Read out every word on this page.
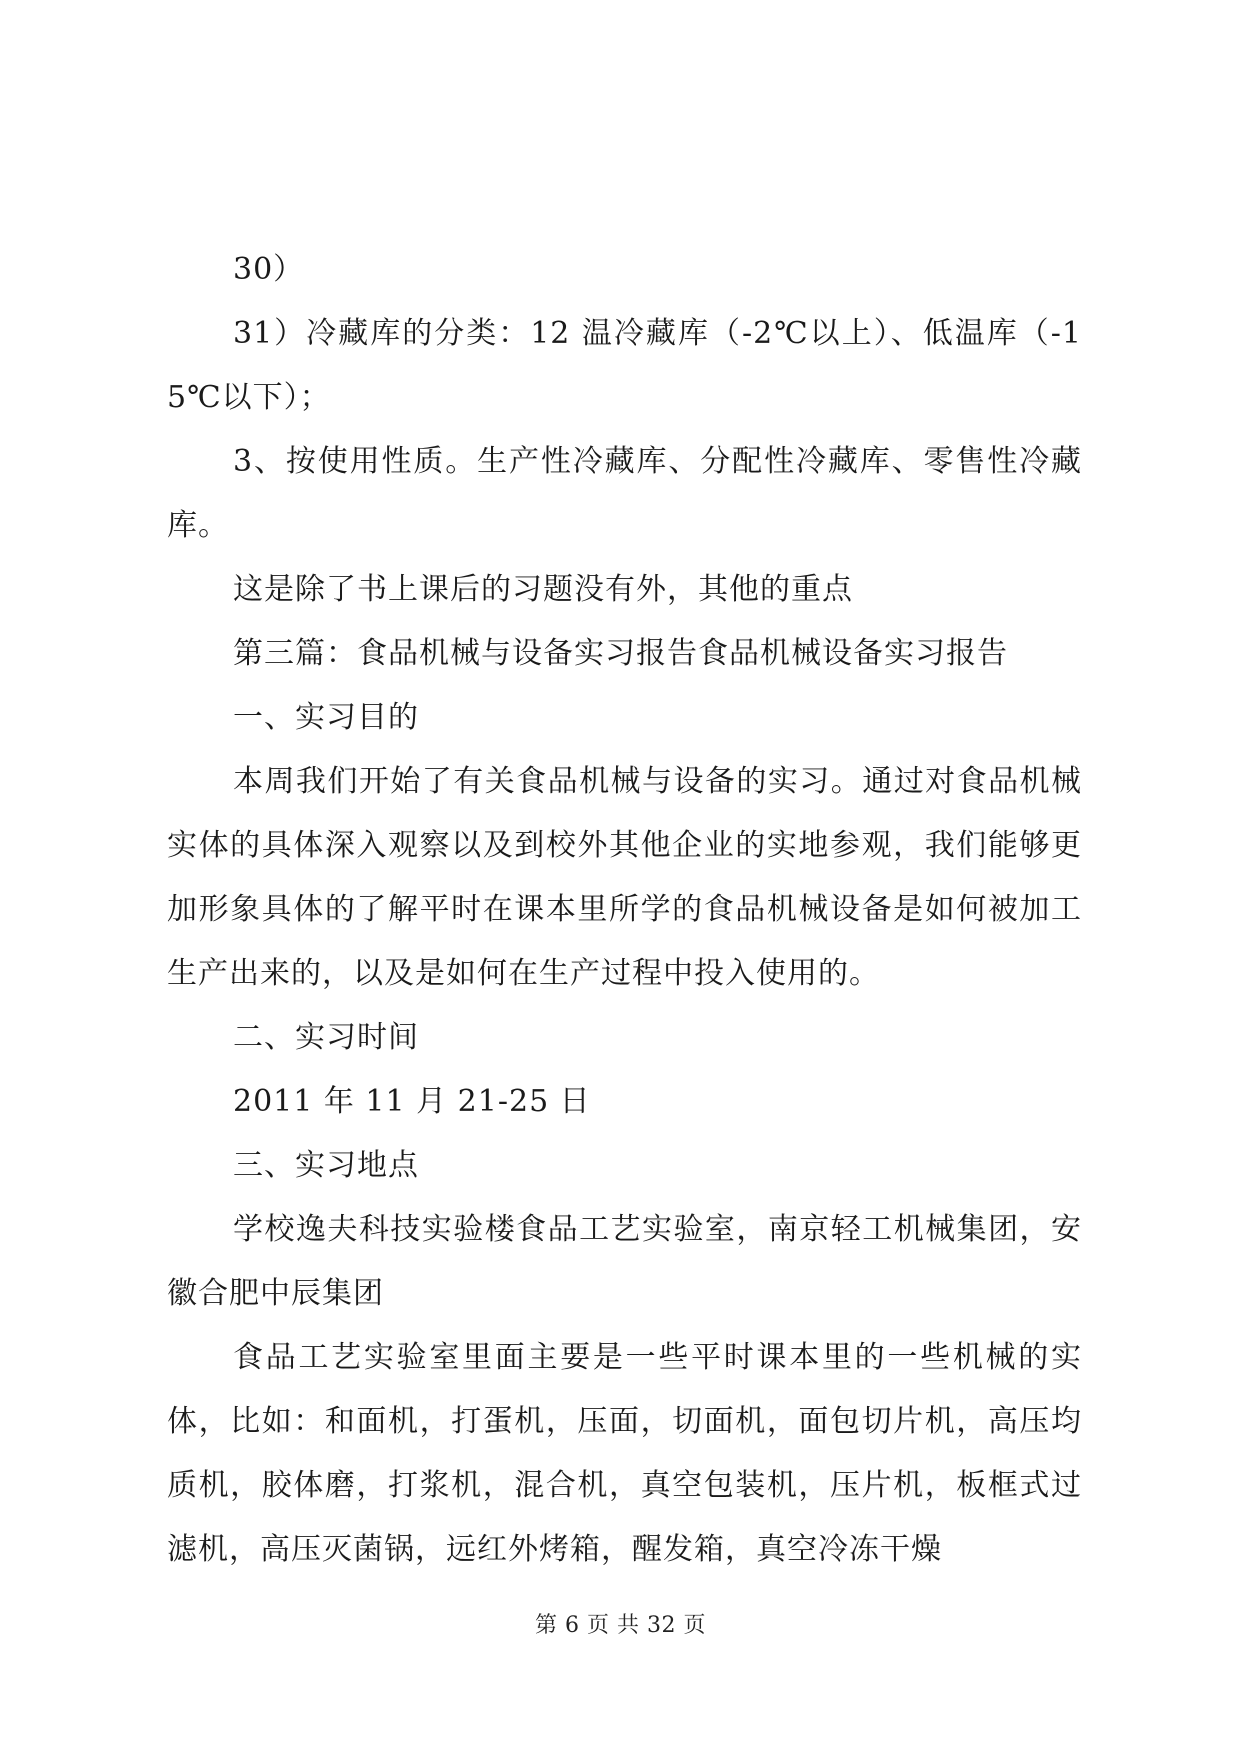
30）

31）冷藏库的分类：12 温冷藏库（-2℃以上）、低温库（-15℃以下）；

3、按使用性质。生产性冷藏库、分配性冷藏库、零售性冷藏库。

这是除了书上课后的习题没有外，其他的重点

第三篇：食品机械与设备实习报告食品机械设备实习报告

一、实习目的

本周我们开始了有关食品机械与设备的实习。通过对食品机械实体的具体深入观察以及到校外其他企业的实地参观，我们能够更加形象具体的了解平时在课本里所学的食品机械设备是如何被加工生产出来的，以及是如何在生产过程中投入使用的。

二、实习时间

2011 年 11 月 21-25 日

三、实习地点

学校逸夫科技实验楼食品工艺实验室，南京轻工机械集团，安徽合肥中辰集团

食品工艺实验室里面主要是一些平时课本里的一些机械的实体，比如：和面机，打蛋机，压面，切面机，面包切片机，高压均质机，胶体磨，打浆机，混合机，真空包装机，压片机，板框式过滤机，高压灭菌锅，远红外烤箱，醒发箱，真空冷冻干燥

第 6 页 共 32 页
